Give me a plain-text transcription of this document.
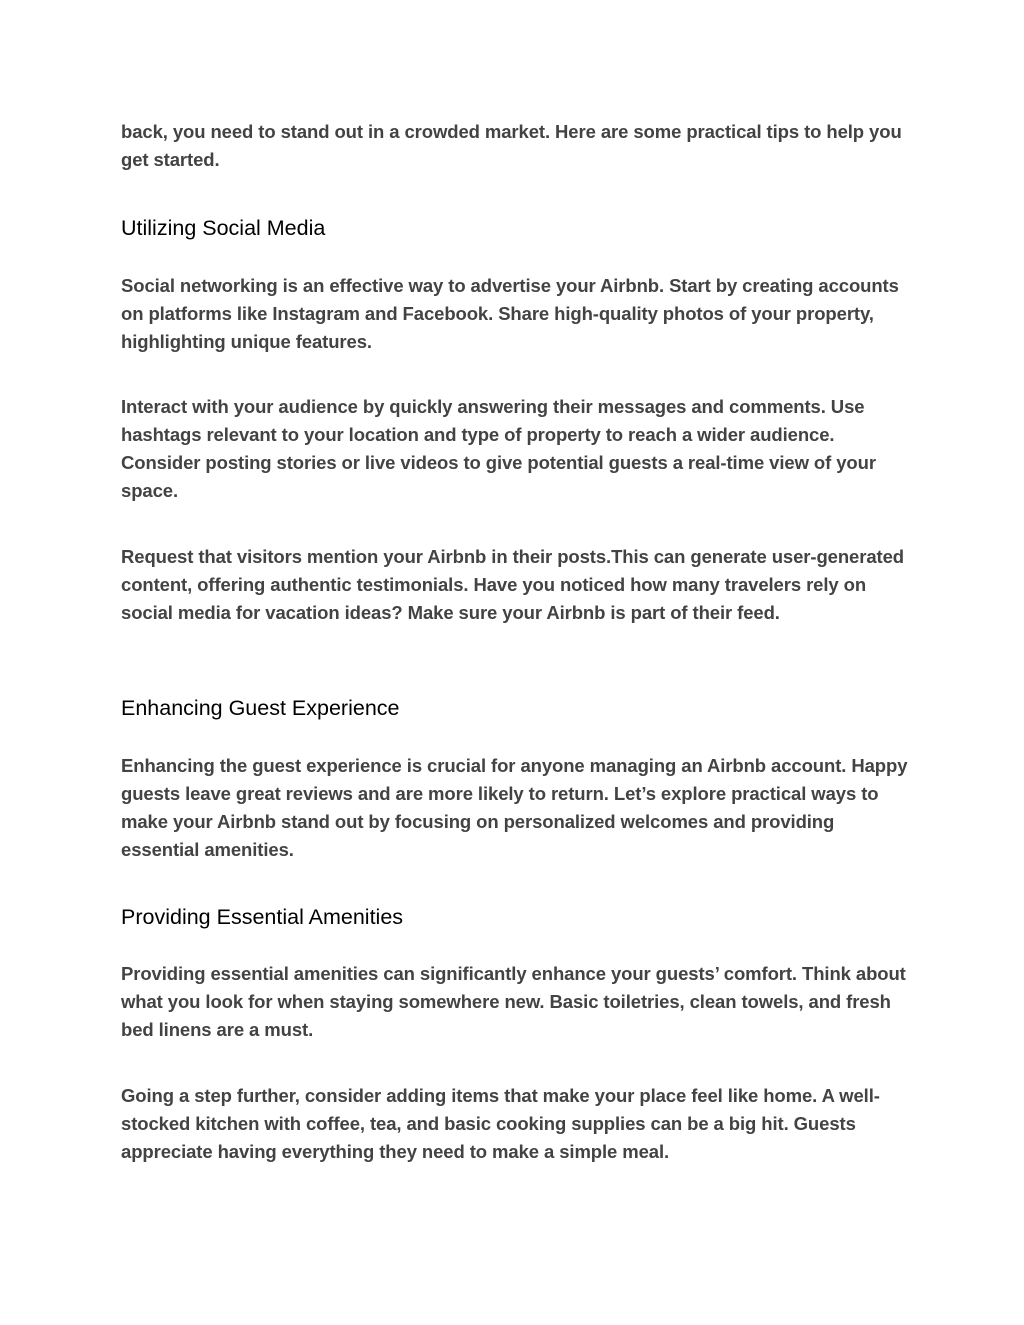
back, you need to stand out in a crowded market. Here are some practical tips to help you get started.

Utilizing Social Media

Social networking is an effective way to advertise your Airbnb. Start by creating accounts on platforms like Instagram and Facebook. Share high-quality photos of your property, highlighting unique features.

Interact with your audience by quickly answering their messages and comments. Use hashtags relevant to your location and type of property to reach a wider audience. Consider posting stories or live videos to give potential guests a real-time view of your space.

Request that visitors mention your Airbnb in their posts.This can generate user-generated content, offering authentic testimonials. Have you noticed how many travelers rely on social media for vacation ideas? Make sure your Airbnb is part of their feed.

Enhancing Guest Experience

Enhancing the guest experience is crucial for anyone managing an Airbnb account. Happy guests leave great reviews and are more likely to return. Let’s explore practical ways to make your Airbnb stand out by focusing on personalized welcomes and providing essential amenities.

Providing Essential Amenities

Providing essential amenities can significantly enhance your guests’ comfort. Think about what you look for when staying somewhere new. Basic toiletries, clean towels, and fresh bed linens are a must.

Going a step further, consider adding items that make your place feel like home. A well-stocked kitchen with coffee, tea, and basic cooking supplies can be a big hit. Guests appreciate having everything they need to make a simple meal.
